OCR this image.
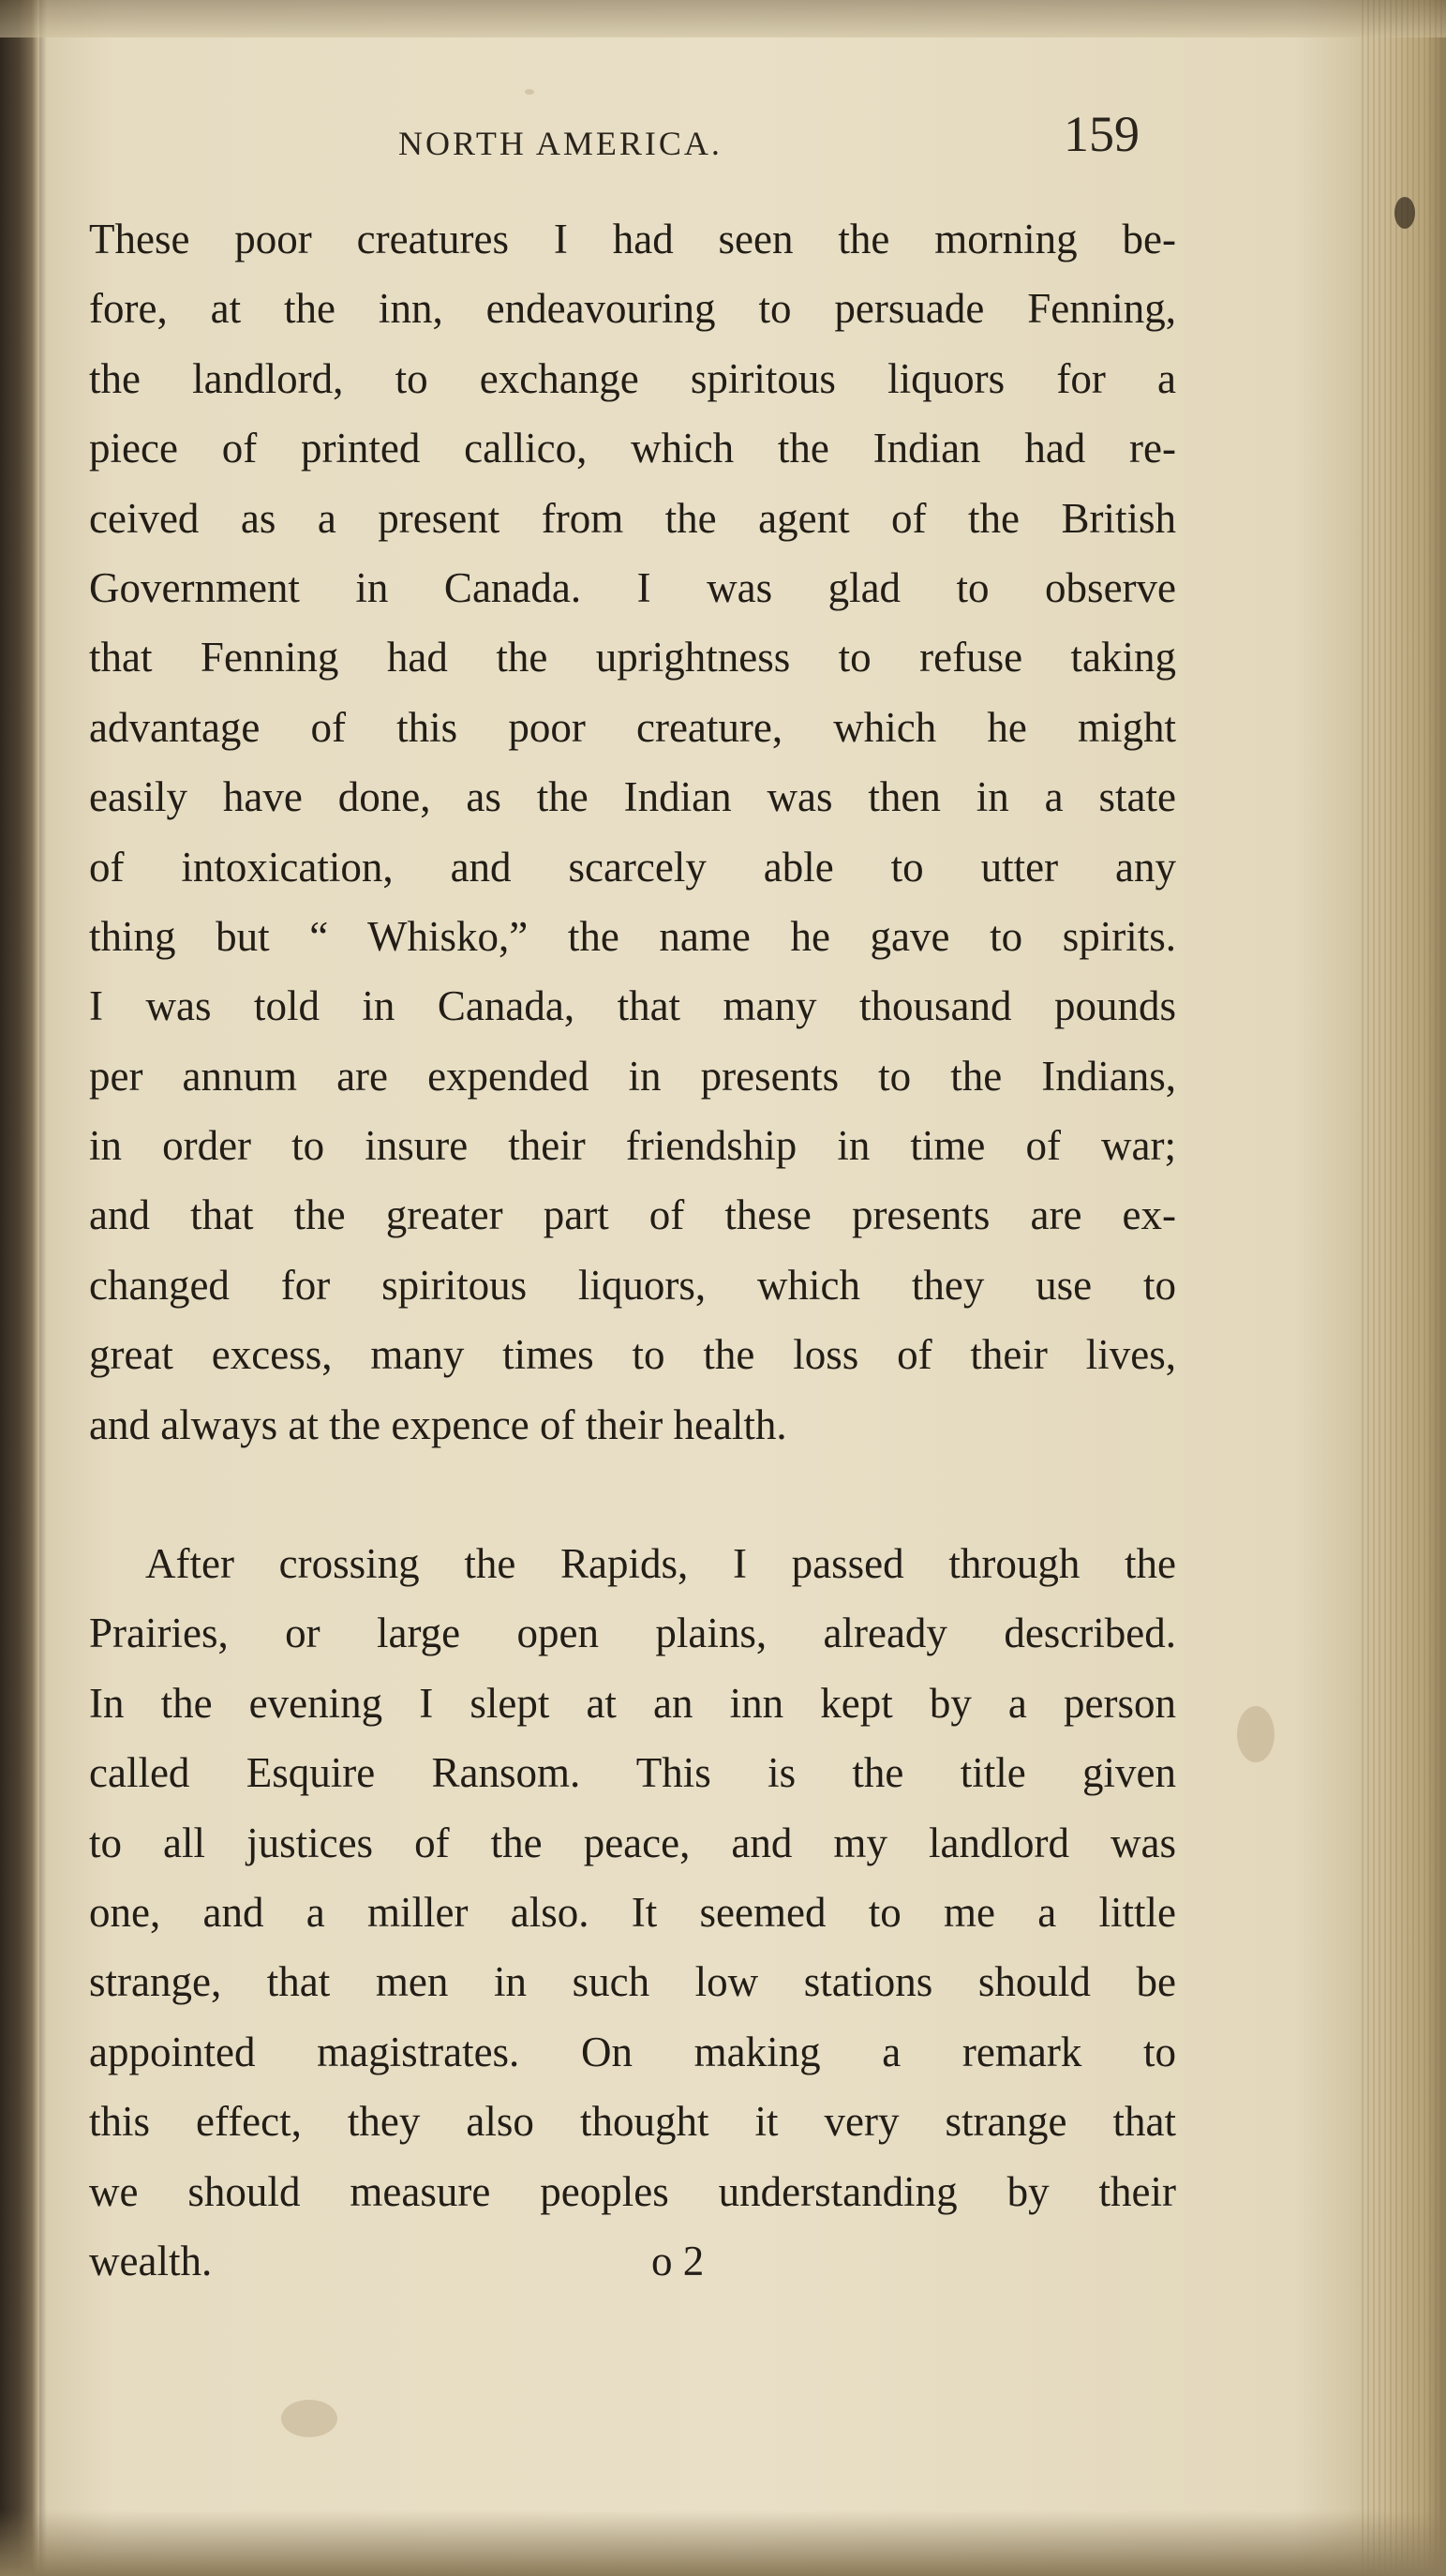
NORTH AMERICA.	159
These poor creatures I had seen the morning be-
fore, at the inn, endeavouring to persuade Fenning,
the landlord, to exchange spiritous liquors for a
piece of printed callico, which the Indian had re-
ceived as a present from the agent of the British
Government in Canada. I was glad to observe
that Fenning had the uprightness to refuse taking
advantage of this poor creature, which he might
easily have done, as the Indian was then in a state
of intoxication, and scarcely able to utter any
thing but “ Whisko,” the name he gave to spirits.
I was told in Canada, that many thousand pounds
per annum are expended in presents to the Indians,
in order to insure their friendship in time of war;
and that the greater part of these presents are ex-
changed for spiritous liquors, which they use to
great excess, many times to the loss of their lives,
and always at the expence of their health.
After crossing the Rapids, I passed through the
Prairies, or large open plains, already described.
In the evening I slept at an inn kept by a person
called Esquire Ransom. This is the title given
to all justices of the peace, and my landlord was
one, and a miller also. It seemed to me a little
strange, that men in such low stations should be
appointed magistrates. On making a remark to
this effect, they also thought it very strange that
we should measure peoples understanding by their
wealth.	o 2
